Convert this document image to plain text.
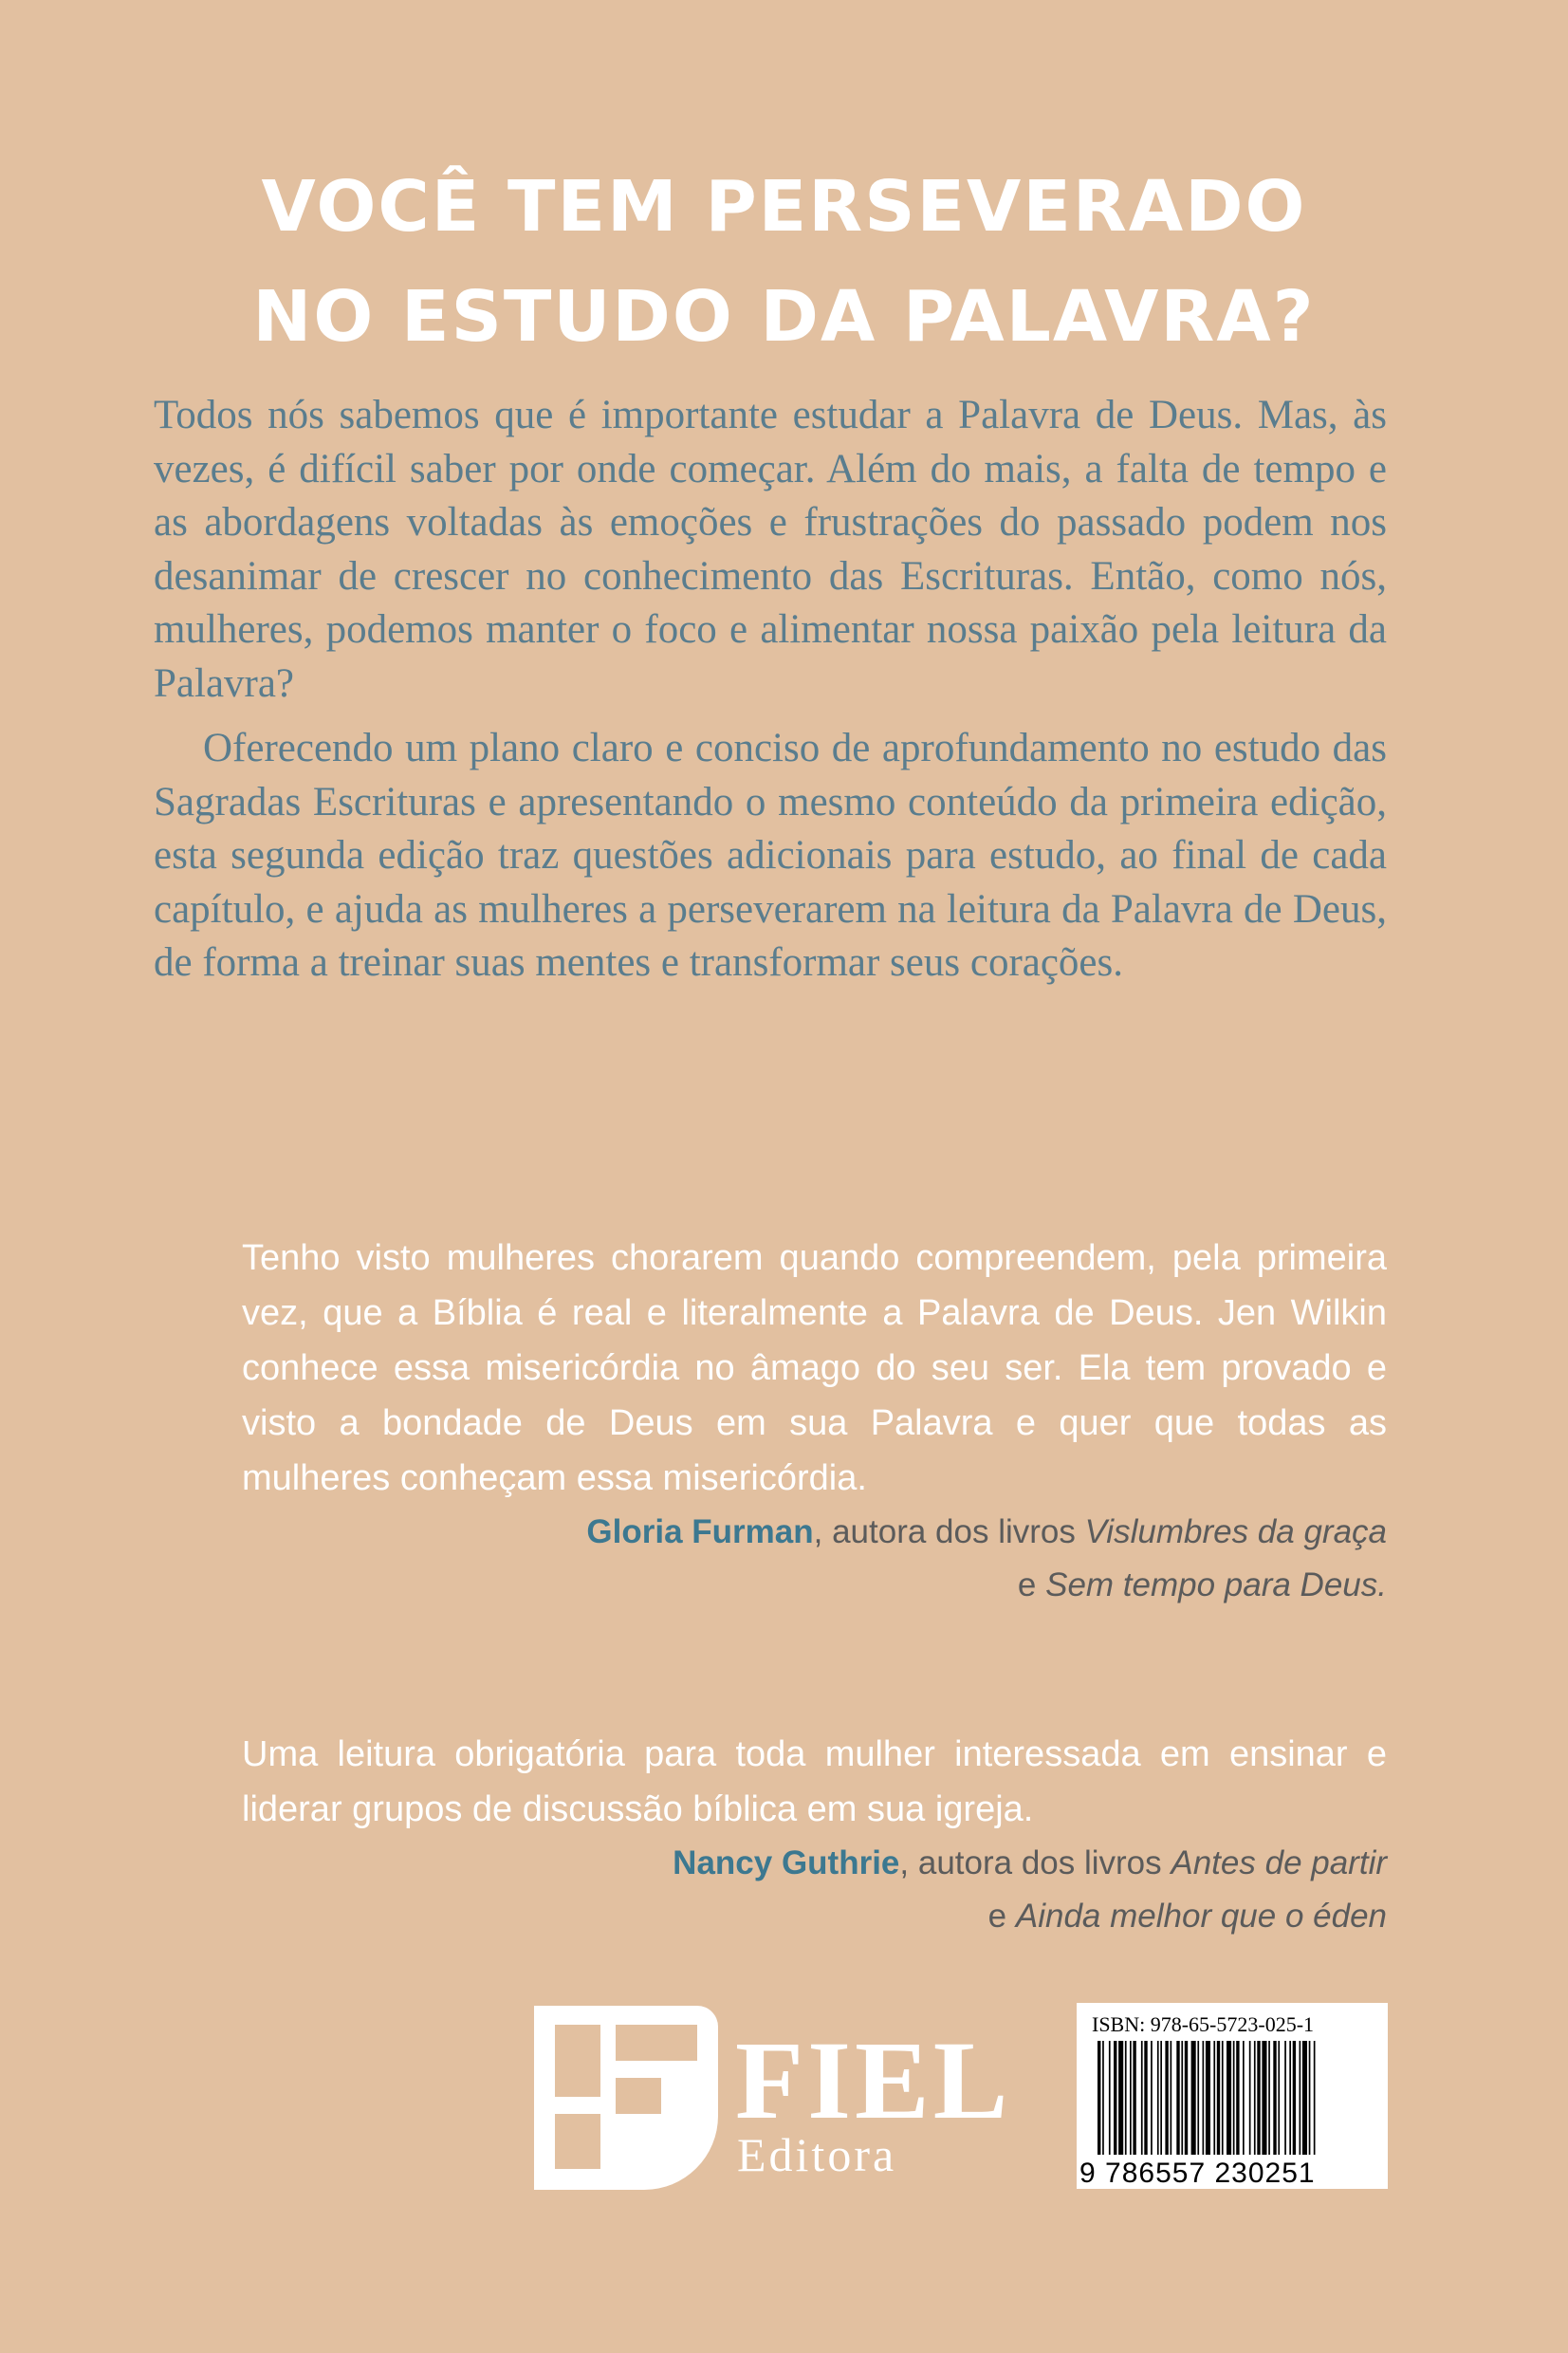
VOCÊ TEM PERSEVERADO
NO ESTUDO DA PALAVRA?

Todos nós sabemos que é importante estudar a Palavra de Deus. Mas, às vezes, é difícil saber por onde começar. Além do mais, a falta de tempo e as abordagens voltadas às emoções e frustrações do passado podem nos desanimar de crescer no conhecimento das Escrituras. Então, como nós, mulheres, podemos manter o foco e alimentar nossa paixão pela leitura da Palavra?

Oferecendo um plano claro e conciso de aprofundamento no estudo das Sagradas Escrituras e apresentando o mesmo conteúdo da primeira edição, esta segunda edição traz questões adicionais para estudo, ao final de cada capítulo, e ajuda as mulheres a perseverarem na leitura da Palavra de Deus, de forma a treinar suas mentes e transformar seus corações.

Tenho visto mulheres chorarem quando compreendem, pela primeira vez, que a Bíblia é real e literalmente a Palavra de Deus. Jen Wilkin conhece essa misericórdia no âmago do seu ser. Ela tem provado e visto a bondade de Deus em sua Palavra e quer que todas as mulheres conheçam essa misericórdia.

Gloria Furman, autora dos livros Vislumbres da graça
e Sem tempo para Deus.

Uma leitura obrigatória para toda mulher interessada em ensinar e liderar grupos de discussão bíblica em sua igreja.

Nancy Guthrie, autora dos livros Antes de partir
e Ainda melhor que o éden

FIEL
Editora
ISBN: 978-65-5723-025-1
9 786557 230251
